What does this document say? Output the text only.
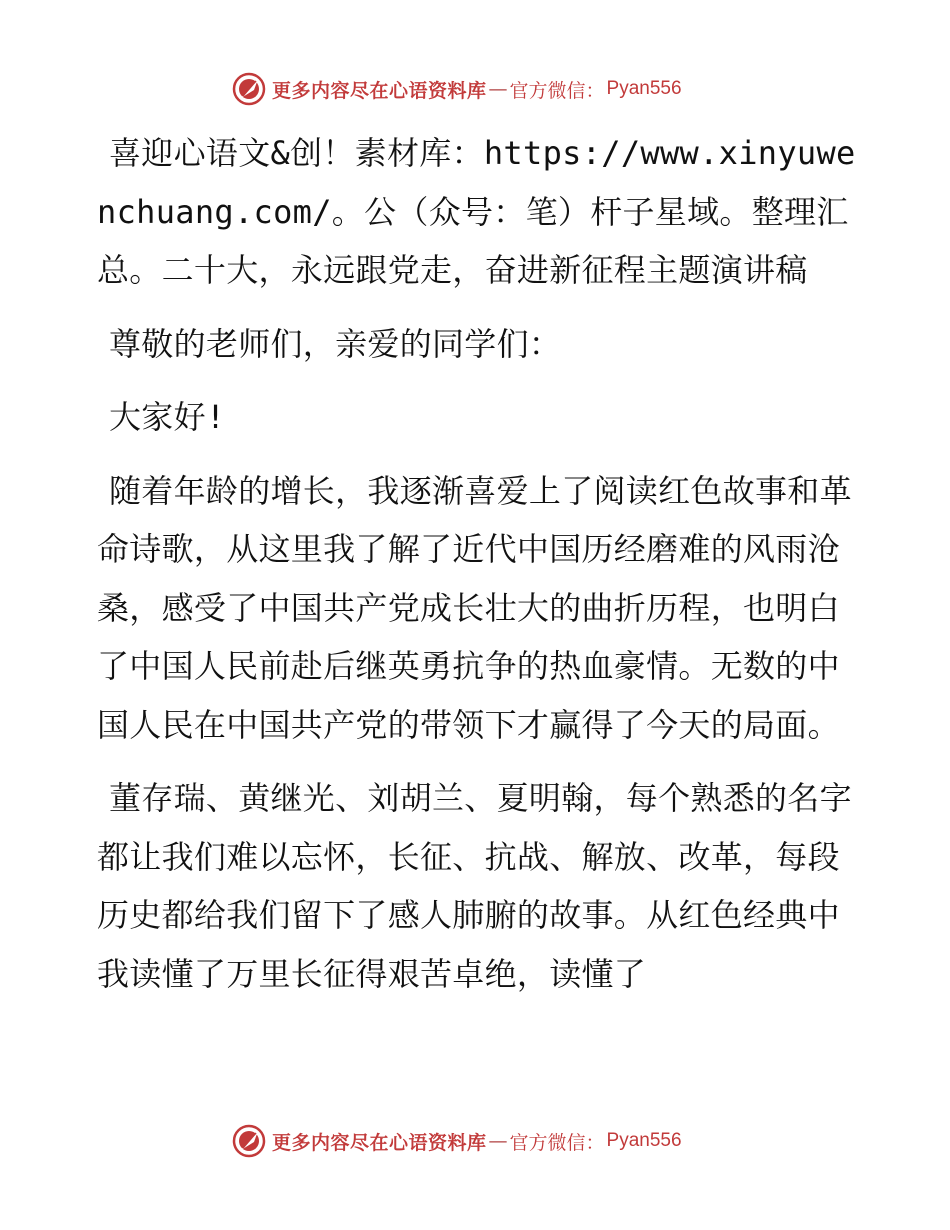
更多内容尽在心语资料库 — 官方微信： Pyan556

喜迎心语文&创！素材库：https://www.xinyuwenchuang.com/。公（众号：笔）杆子星域。整理汇总。二十大，永远跟党走，奋进新征程主题演讲稿

尊敬的老师们，亲爱的同学们：

大家好!

随着年龄的增长，我逐渐喜爱上了阅读红色故事和革命诗歌，从这里我了解了近代中国历经磨难的风雨沧桑，感受了中国共产党成长壮大的曲折历程，也明白了中国人民前赴后继英勇抗争的热血豪情。无数的中国人民在中国共产党的带领下才赢得了今天的局面。

董存瑞、黄继光、刘胡兰、夏明翰，每个熟悉的名字都让我们难以忘怀，长征、抗战、解放、改革，每段历史都给我们留下了感人肺腑的故事。从红色经典中我读懂了万里长征得艰苦卓绝，读懂了

更多内容尽在心语资料库 — 官方微信： Pyan556
